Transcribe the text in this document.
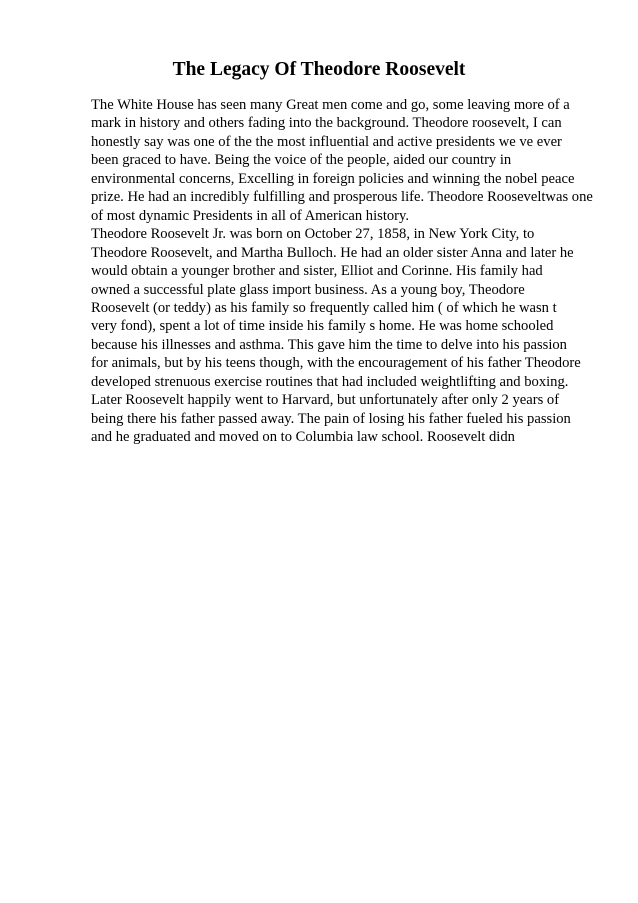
The Legacy Of Theodore Roosevelt
The White House has seen many Great men come and go, some leaving more of a
mark in history and others fading into the background. Theodore roosevelt, I can
honestly say was one of the the most influential and active presidents we ve ever
been graced to have. Being the voice of the people, aided our country in
environmental concerns, Excelling in foreign policies and winning the nobel peace
prize. He had an incredibly fulfilling and prosperous life. Theodore Rooseveltwas one
of most dynamic Presidents in all of American history.
Theodore Roosevelt Jr. was born on October 27, 1858, in New York City, to
Theodore Roosevelt, and Martha Bulloch. He had an older sister Anna and later he
would obtain a younger brother and sister, Elliot and Corinne. His family had
owned a successful plate glass import business. As a young boy, Theodore
Roosevelt (or teddy) as his family so frequently called him ( of which he wasn t
very fond), spent a lot of time inside his family s home. He was home schooled
because his illnesses and asthma. This gave him the time to delve into his passion
for animals, but by his teens though, with the encouragement of his father Theodore
developed strenuous exercise routines that had included weightlifting and boxing.
Later Roosevelt happily went to Harvard, but unfortunately after only 2 years of
being there his father passed away. The pain of losing his father fueled his passion
and he graduated and moved on to Columbia law school. Roosevelt didn
